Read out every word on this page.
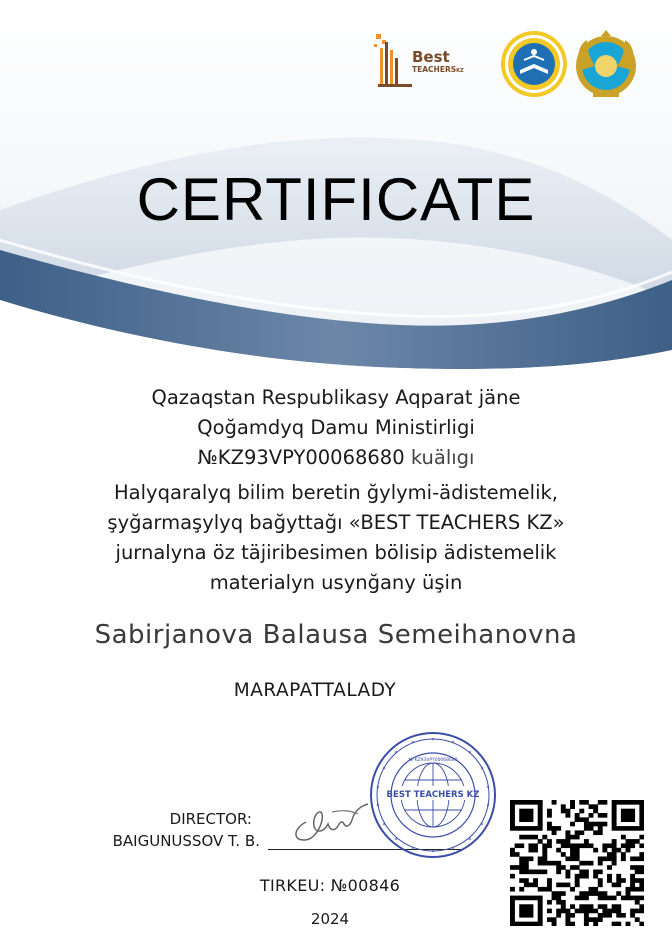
Best
TEACHERSKZ
CERTIFICATE
Qazaqstan Respublikasy Aqparat jäne
Qoğamdyq Damu Ministirligi
№KZ93VPY00068680 kuälıgı
Halyqaralyq bilim beretin ğylymi-ädistemelik,
şyğarmaşylyq bağyttağı «BEST TEACHERS KZ»
jurnalyna öz täjiribesimen bölisip ädistemelik
materialyn usynğany üşin
Sabirjanova Balausa Semeihanovna
MARAPATTALADY
DIRECTOR:
BAIGUNUSSOV T. B.
BEST TEACHERS KZ
№ KZ93VPY00068680
TIRKEU: №00846
2024
